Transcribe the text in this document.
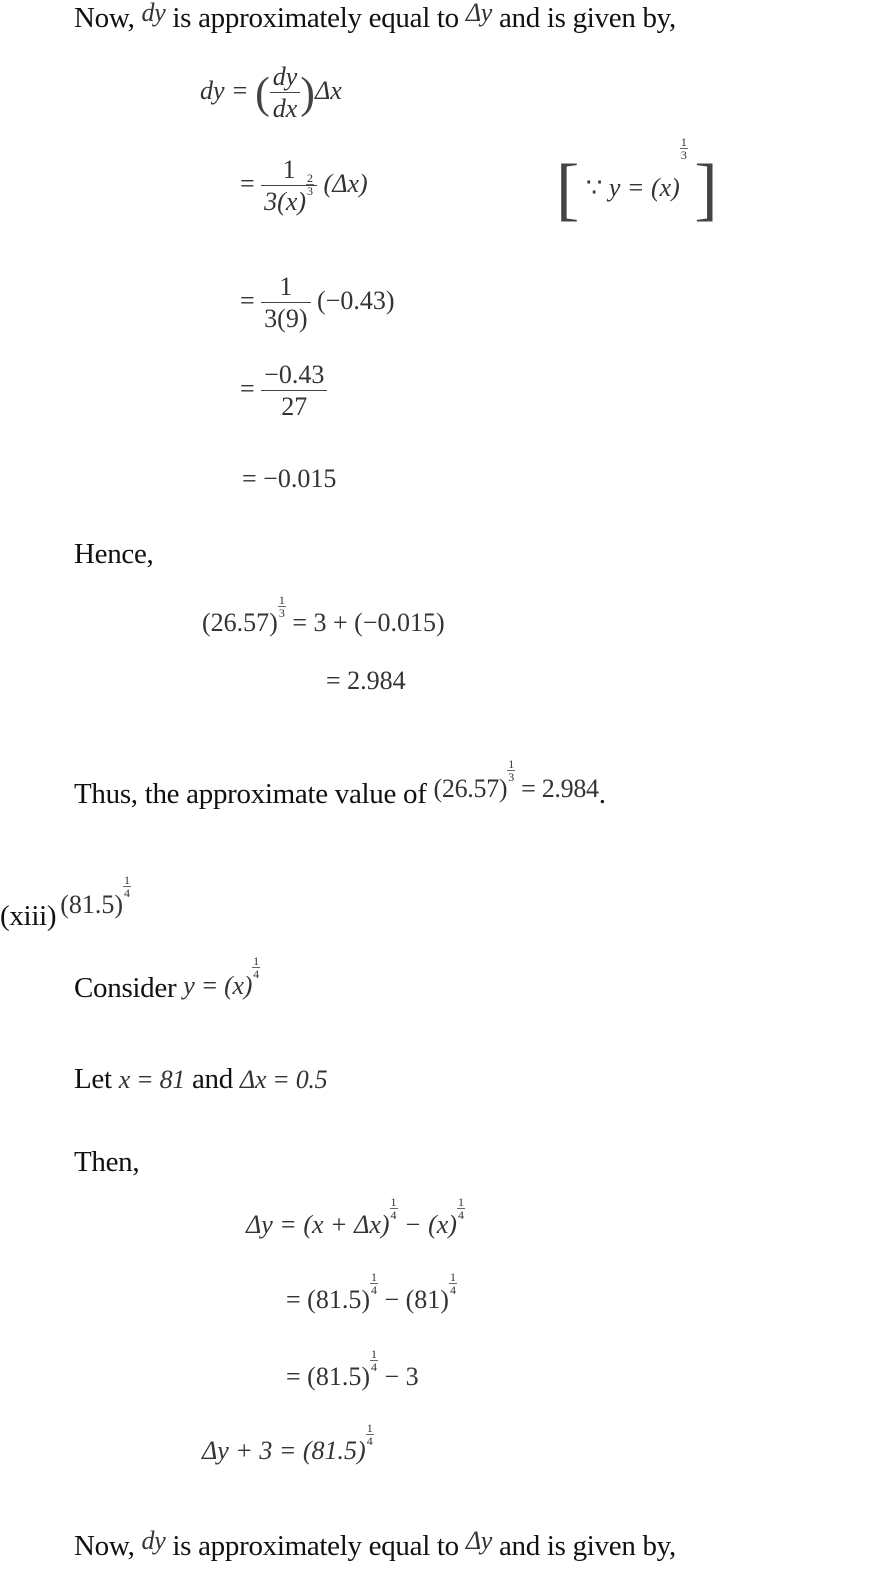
Now, dy is approximately equal to Δy and is given by,
dy = ( $\frac{dy}{dx} )\Delta x$
= 1
3(x)
$\frac{2}{3} (\Delta x)$	[ ∵ y = (x)
$\frac{1}{3}$
]
= $\frac{1}{3(9)} (-0.43)$
= $\frac{-0.43}{27}$
= −0.015
Hence,
(26.57)
$\frac{1}{3}$
= 3 + (−0.015)
= 2.984
Thus, the approximate value of (26.57)
$\frac{1}{3}$
= 2.984.
(xiii) (81.5)
$\frac{1}{4}$
Consider y = (x)
$\frac{1}{4}$
Let x = 81 and Δx = 0.5
Then,
Δy = (x + Δx)
$\frac{1}{4}$
− (x)
$\frac{1}{4}$
= (81.5)
$\frac{1}{4}$
− (81)
$\frac{1}{4}$
= (81.5)
$\frac{1}{4}$
− 3
Δy + 3 = (81.5)
$\frac{1}{4}$
Now, dy is approximately equal to Δy and is given by,
